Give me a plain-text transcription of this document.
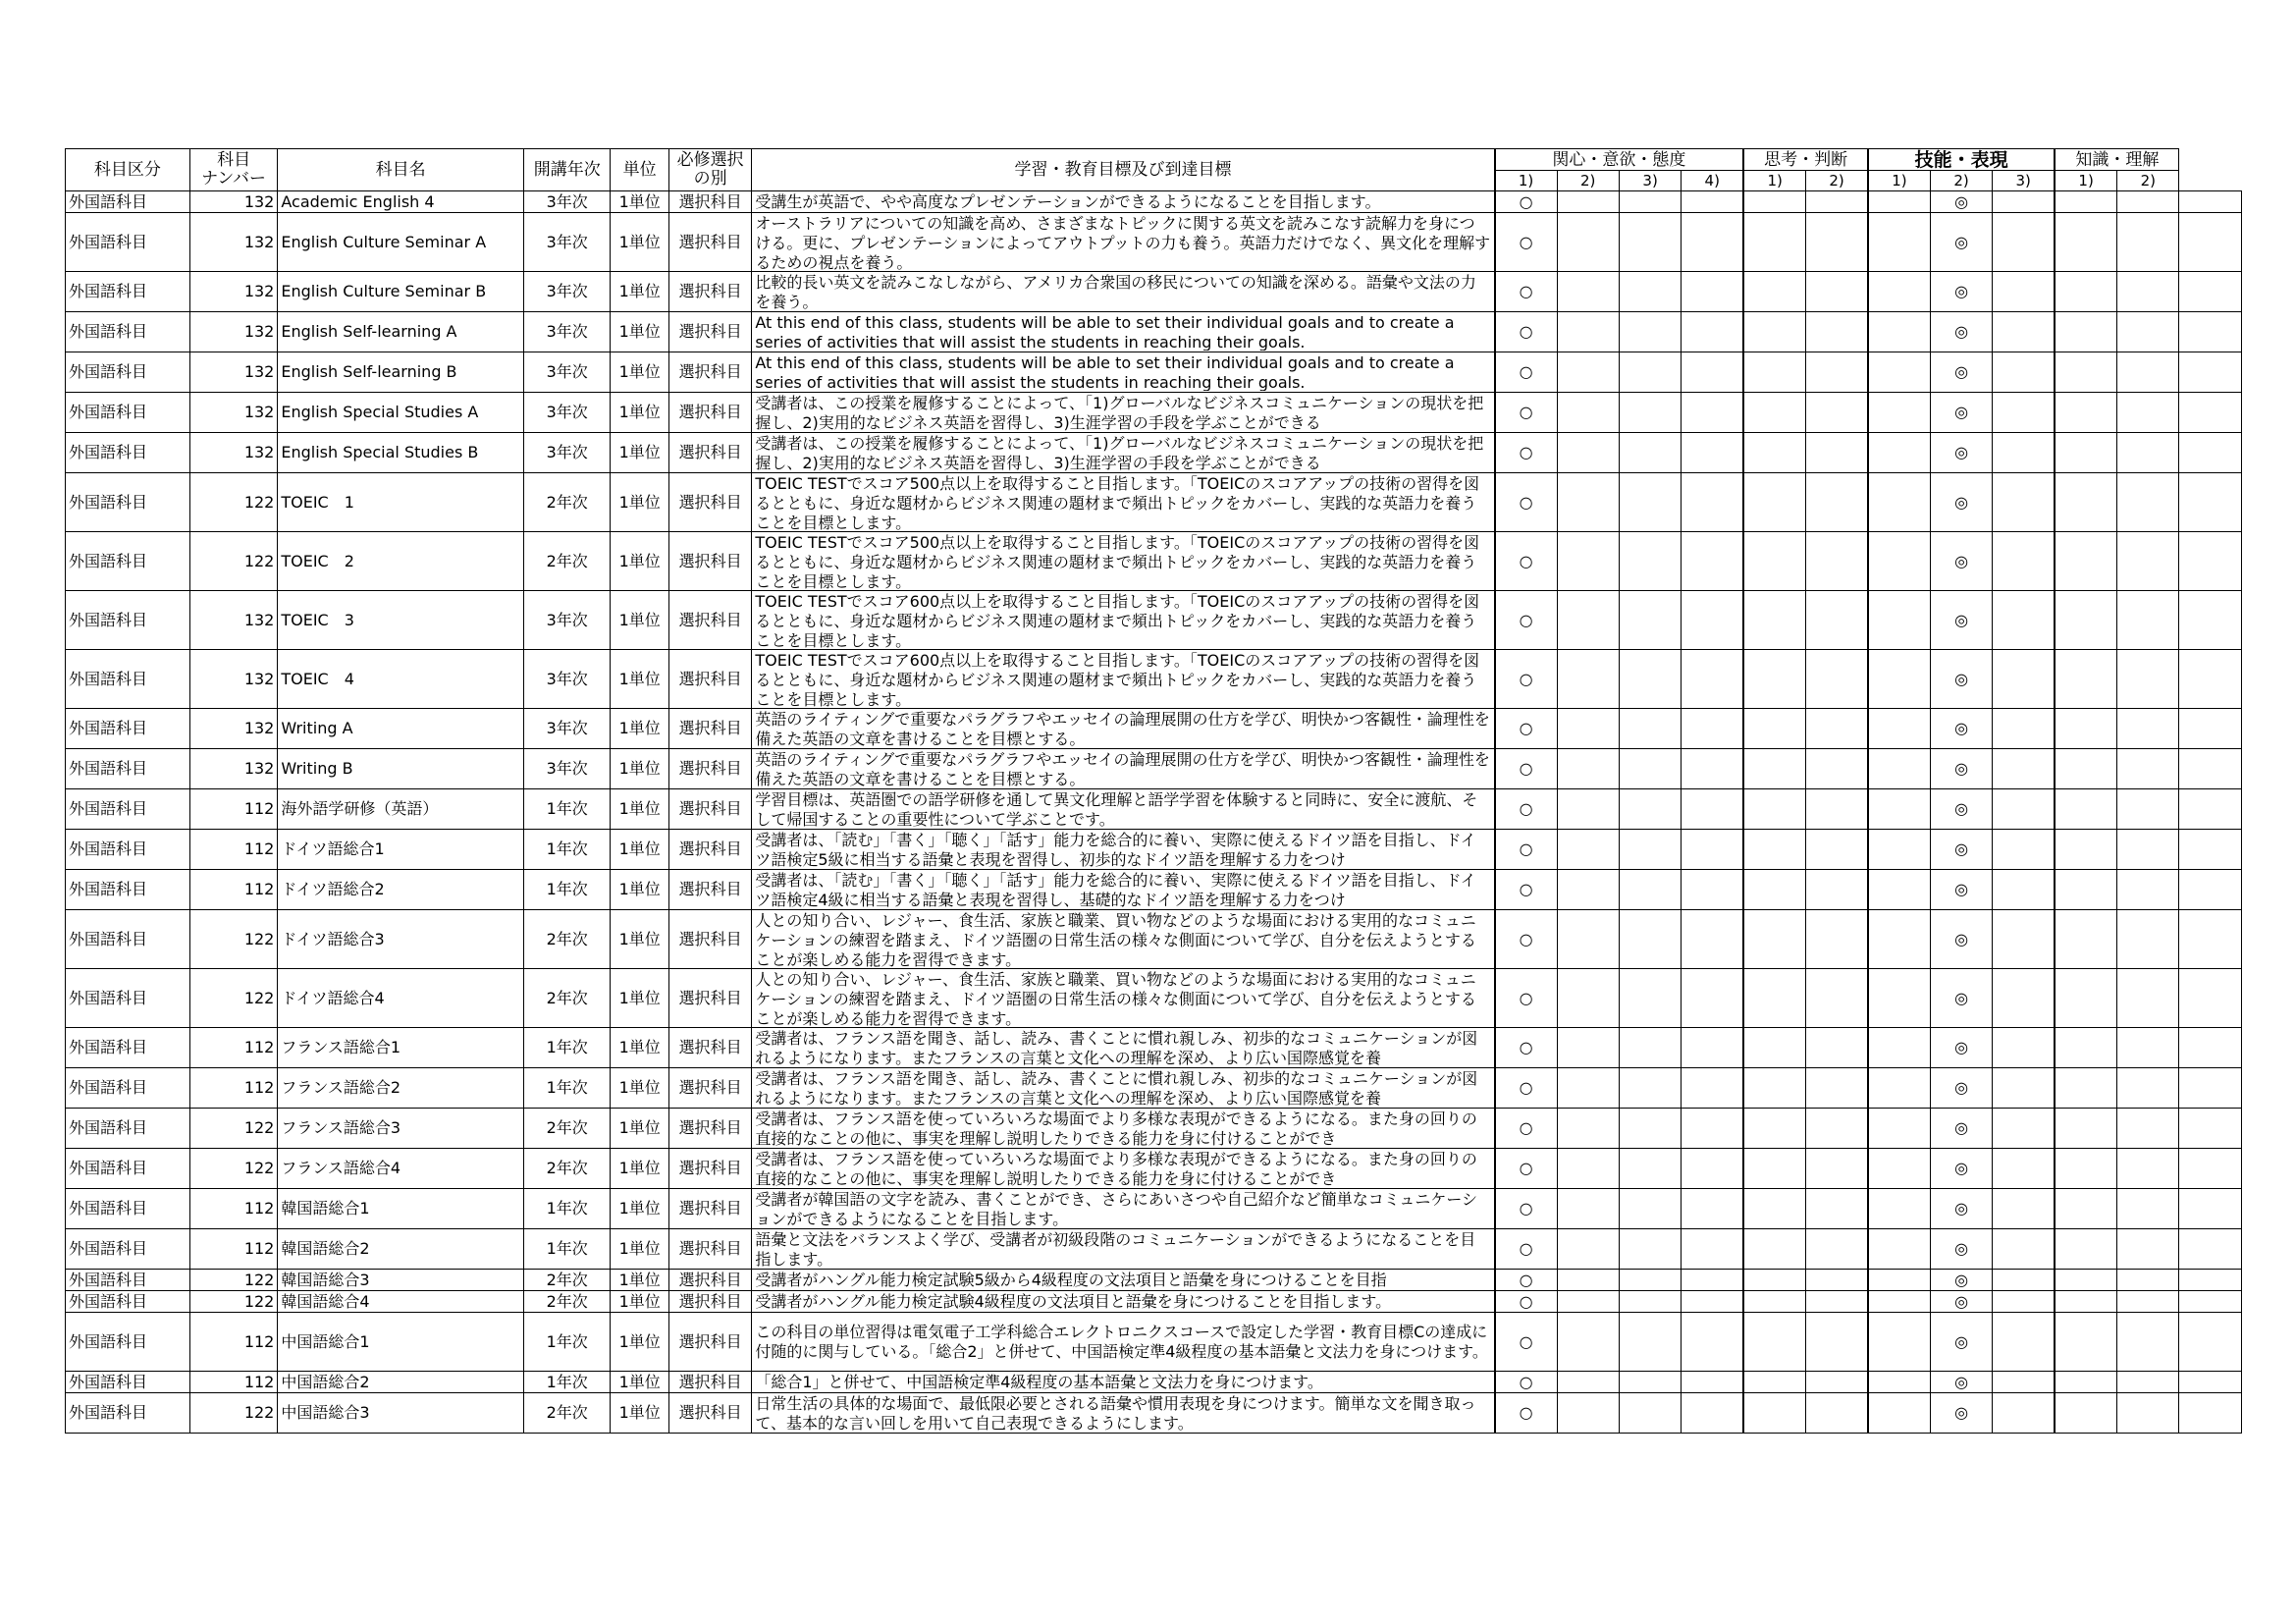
科目区分	科目
ナンバー	科目名	開講年次	単位	必修選択
の別	学習・教育目標及び到達目標	関心・意欲・態度				思考・判断		技能・表現			知識・理解		
							1)	2)	3)	4)	1)	2)	1)	2)	3)	1)	2)	
外国語科目	132	Academic English 4	3年次	1単位	選択科目	受講生が英語で、やや高度なプレゼンテーションができるようになることを目指します。	○							◎				
外国語科目	132	English Culture Seminar A	3年次	1単位	選択科目	オーストラリアについての知識を高め、さまざまなトピックに関する英文を読みこなす読解力を身につける。更に、プレゼンテーションによってアウトプットの力も養う。英語力だけでなく、異文化を理解するための視点を養う。	○							◎				
外国語科目	132	English Culture Seminar B	3年次	1単位	選択科目	比較的長い英文を読みこなしながら、アメリカ合衆国の移民についての知識を深める。語彙や文法の力を養う。	○							◎				
外国語科目	132	English Self-learning A	3年次	1単位	選択科目	At this end of this class, students will be able to set their individual goals and to create a series of activities that will assist the students in reaching their goals.	○							◎				
外国語科目	132	English Self-learning B	3年次	1単位	選択科目	At this end of this class, students will be able to set their individual goals and to create a series of activities that will assist the students in reaching their goals.	○							◎				
外国語科目	132	English Special Studies A	3年次	1単位	選択科目	受講者は、この授業を履修することによって、「1)グローバルなビジネスコミュニケーションの現状を把握し、2)実用的なビジネス英語を習得し、3)生涯学習の手段を学ぶことができる	○							◎				
外国語科目	132	English Special Studies B	3年次	1単位	選択科目	受講者は、この授業を履修することによって、「1)グローバルなビジネスコミュニケーションの現状を把握し、2)実用的なビジネス英語を習得し、3)生涯学習の手段を学ぶことができる	○							◎				
外国語科目	122	TOEIC　1	2年次	1単位	選択科目	TOEIC TESTでスコア500点以上を取得すること目指します。「TOEICのスコアアップの技術の習得を図るとともに、身近な題材からビジネス関連の題材まで頻出トピックをカバーし、実践的な英語力を養うことを目標とします。	○							◎				
外国語科目	122	TOEIC　2	2年次	1単位	選択科目	TOEIC TESTでスコア500点以上を取得すること目指します。「TOEICのスコアアップの技術の習得を図るとともに、身近な題材からビジネス関連の題材まで頻出トピックをカバーし、実践的な英語力を養うことを目標とします。	○							◎				
外国語科目	132	TOEIC　3	3年次	1単位	選択科目	TOEIC TESTでスコア600点以上を取得すること目指します。「TOEICのスコアアップの技術の習得を図るとともに、身近な題材からビジネス関連の題材まで頻出トピックをカバーし、実践的な英語力を養うことを目標とします。	○							◎				
外国語科目	132	TOEIC　4	3年次	1単位	選択科目	TOEIC TESTでスコア600点以上を取得すること目指します。「TOEICのスコアアップの技術の習得を図るとともに、身近な題材からビジネス関連の題材まで頻出トピックをカバーし、実践的な英語力を養うことを目標とします。	○							◎				
外国語科目	132	Writing A	3年次	1単位	選択科目	英語のライティングで重要なパラグラフやエッセイの論理展開の仕方を学び、明快かつ客観性・論理性を備えた英語の文章を書けることを目標とする。	○							◎				
外国語科目	132	Writing B	3年次	1単位	選択科目	英語のライティングで重要なパラグラフやエッセイの論理展開の仕方を学び、明快かつ客観性・論理性を備えた英語の文章を書けることを目標とする。	○							◎				
外国語科目	112	海外語学研修（英語）	1年次	1単位	選択科目	学習目標は、英語圏での語学研修を通して異文化理解と語学学習を体験すると同時に、安全に渡航、そして帰国することの重要性について学ぶことです。	○							◎				
外国語科目	112	ドイツ語総合1	1年次	1単位	選択科目	受講者は、「読む」「書く」「聴く」「話す」能力を総合的に養い、実際に使えるドイツ語を目指し、ドイツ語検定5級に相当する語彙と表現を習得し、初歩的なドイツ語を理解する力をつけ	○							◎				
外国語科目	112	ドイツ語総合2	1年次	1単位	選択科目	受講者は、「読む」「書く」「聴く」「話す」能力を総合的に養い、実際に使えるドイツ語を目指し、ドイツ語検定4級に相当する語彙と表現を習得し、基礎的なドイツ語を理解する力をつけ	○							◎				
外国語科目	122	ドイツ語総合3	2年次	1単位	選択科目	人との知り合い、レジャー、食生活、家族と職業、買い物などのような場面における実用的なコミュニケーションの練習を踏まえ、ドイツ語圏の日常生活の様々な側面について学び、自分を伝えようとすることが楽しめる能力を習得できます。	○							◎				
外国語科目	122	ドイツ語総合4	2年次	1単位	選択科目	人との知り合い、レジャー、食生活、家族と職業、買い物などのような場面における実用的なコミュニケーションの練習を踏まえ、ドイツ語圏の日常生活の様々な側面について学び、自分を伝えようとすることが楽しめる能力を習得できます。	○							◎				
外国語科目	112	フランス語総合1	1年次	1単位	選択科目	受講者は、フランス語を聞き、話し、読み、書くことに慣れ親しみ、初歩的なコミュニケーションが図れるようになります。またフランスの言葉と文化への理解を深め、より広い国際感覚を養	○							◎				
外国語科目	112	フランス語総合2	1年次	1単位	選択科目	受講者は、フランス語を聞き、話し、読み、書くことに慣れ親しみ、初歩的なコミュニケーションが図れるようになります。またフランスの言葉と文化への理解を深め、より広い国際感覚を養	○							◎				
外国語科目	122	フランス語総合3	2年次	1単位	選択科目	受講者は、フランス語を使っていろいろな場面でより多様な表現ができるようになる。また身の回りの直接的なことの他に、事実を理解し説明したりできる能力を身に付けることができ	○							◎				
外国語科目	122	フランス語総合4	2年次	1単位	選択科目	受講者は、フランス語を使っていろいろな場面でより多様な表現ができるようになる。また身の回りの直接的なことの他に、事実を理解し説明したりできる能力を身に付けることができ	○							◎				
外国語科目	112	韓国語総合1	1年次	1単位	選択科目	受講者が韓国語の文字を読み、書くことができ、さらにあいさつや自己紹介など簡単なコミュニケーションができるようになることを目指します。	○							◎				
外国語科目	112	韓国語総合2	1年次	1単位	選択科目	語彙と文法をバランスよく学び、受講者が初級段階のコミュニケーションができるようになることを目指します。	○							◎				
外国語科目	122	韓国語総合3	2年次	1単位	選択科目	受講者がハングル能力検定試験5級から4級程度の文法項目と語彙を身につけることを目指	○							◎				
外国語科目	122	韓国語総合4	2年次	1単位	選択科目	受講者がハングル能力検定試験4級程度の文法項目と語彙を身につけることを目指します。	○							◎				
外国語科目	112	中国語総合1	1年次	1単位	選択科目	この科目の単位習得は電気電子工学科総合エレクトロニクスコースで設定した学習・教育目標Cの達成に付随的に関与している。「総合2」と併せて、中国語検定準4級程度の基本語彙と文法力を身につけます。	○							◎				
外国語科目	112	中国語総合2	1年次	1単位	選択科目	「総合1」と併せて、中国語検定準4級程度の基本語彙と文法力を身につけます。	○							◎				
外国語科目	122	中国語総合3	2年次	1単位	選択科目	日常生活の具体的な場面で、最低限必要とされる語彙や慣用表現を身につけます。簡単な文を聞き取って、基本的な言い回しを用いて自己表現できるようにします。	○							◎				
